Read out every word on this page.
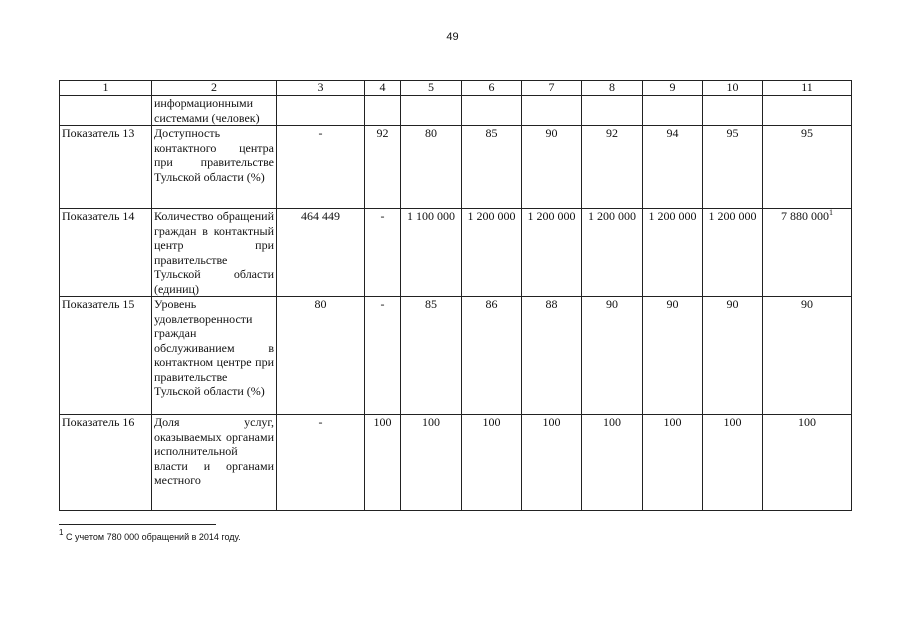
49
1	2	3	4	5	6	7	8	9	10	11
	информационными системами (человек)									
Показатель 13	Доступность контактного центра при правительстве Тульской области (%)	-	92	80	85	90	92	94	95	95
Показатель 14	Количество обращений граждан в контактный центр при правительстве Тульской области (единиц)	464 449	-	1 100 000	1 200 000	1 200 000	1 200 000	1 200 000	1 200 000	7 880 $000^1$
Показатель 15	Уровень удовлетворенности граждан обслуживанием в контактном центре при правительстве Тульской области (%)	80	-	85	86	88	90	90	90	90
Показатель 16	Доля услуг, оказываемых органами исполнительной власти и органами местного	-	100	100	100	100	100	100	100	100
$^1$ С учетом 780 000 обращений в 2014 году.
